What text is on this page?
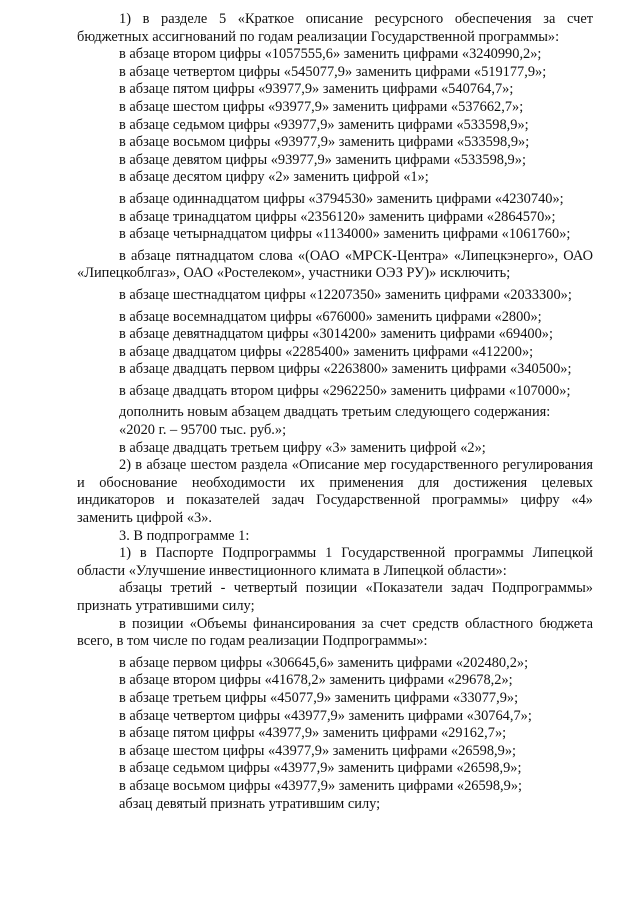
1) в разделе 5 «Краткое описание ресурсного обеспечения за счет бюджетных ассигнований по годам реализации Государственной программы»:

в абзаце втором цифры «1057555,6» заменить цифрами «3240990,2»;

в абзаце четвертом цифры «545077,9» заменить цифрами «519177,9»;

в абзаце пятом цифры «93977,9» заменить цифрами «540764,7»;

в абзаце шестом цифры «93977,9» заменить цифрами «537662,7»;

в абзаце седьмом цифры «93977,9» заменить цифрами «533598,9»;

в абзаце восьмом цифры «93977,9» заменить цифрами «533598,9»;

в абзаце девятом цифры «93977,9» заменить цифрами «533598,9»;

в абзаце десятом цифру «2» заменить цифрой «1»;

в абзаце одиннадцатом цифры «3794530» заменить цифрами «4230740»;

в абзаце тринадцатом цифры «2356120» заменить цифрами «2864570»;

в абзаце четырнадцатом цифры «1134000» заменить цифрами «1061760»;

в абзаце пятнадцатом слова «(ОАО «МРСК-Центра» «Липецкэнерго», ОАО «Липецкоблгаз», ОАО «Ростелеком», участники ОЭЗ РУ)» исключить;

в абзаце шестнадцатом цифры «12207350» заменить цифрами «2033300»;

в абзаце восемнадцатом цифры «676000» заменить цифрами «2800»;

в абзаце девятнадцатом цифры «3014200» заменить цифрами «69400»;

в абзаце двадцатом цифры «2285400» заменить цифрами «412200»;

в абзаце двадцать первом цифры «2263800» заменить цифрами «340500»;

в абзаце двадцать втором цифры «2962250» заменить цифрами «107000»;

дополнить новым абзацем двадцать третьим следующего содержания:

«2020 г. – 95700 тыс. руб.»;

в абзаце двадцать третьем цифру «3» заменить цифрой «2»;

2) в абзаце шестом раздела «Описание мер государственного регулирования и обоснование необходимости их применения для достижения целевых индикаторов и показателей задач Государственной программы» цифру «4» заменить цифрой «3».

3. В подпрограмме 1:

1) в Паспорте Подпрограммы 1 Государственной программы Липецкой области «Улучшение инвестиционного климата в Липецкой области»:

абзацы третий - четвертый позиции «Показатели задач Подпрограммы» признать утратившими силу;

в позиции «Объемы финансирования за счет средств областного бюджета всего, в том числе по годам реализации Подпрограммы»:

в абзаце первом цифры «306645,6» заменить цифрами «202480,2»;

в абзаце втором цифры «41678,2» заменить цифрами «29678,2»;

в абзаце третьем цифры «45077,9» заменить цифрами «33077,9»;

в абзаце четвертом цифры «43977,9» заменить цифрами «30764,7»;

в абзаце пятом цифры «43977,9» заменить цифрами «29162,7»;

в абзаце шестом цифры «43977,9» заменить цифрами «26598,9»;

в абзаце седьмом цифры «43977,9» заменить цифрами «26598,9»;

в абзаце восьмом цифры «43977,9» заменить цифрами «26598,9»;

абзац девятый признать утратившим силу;
